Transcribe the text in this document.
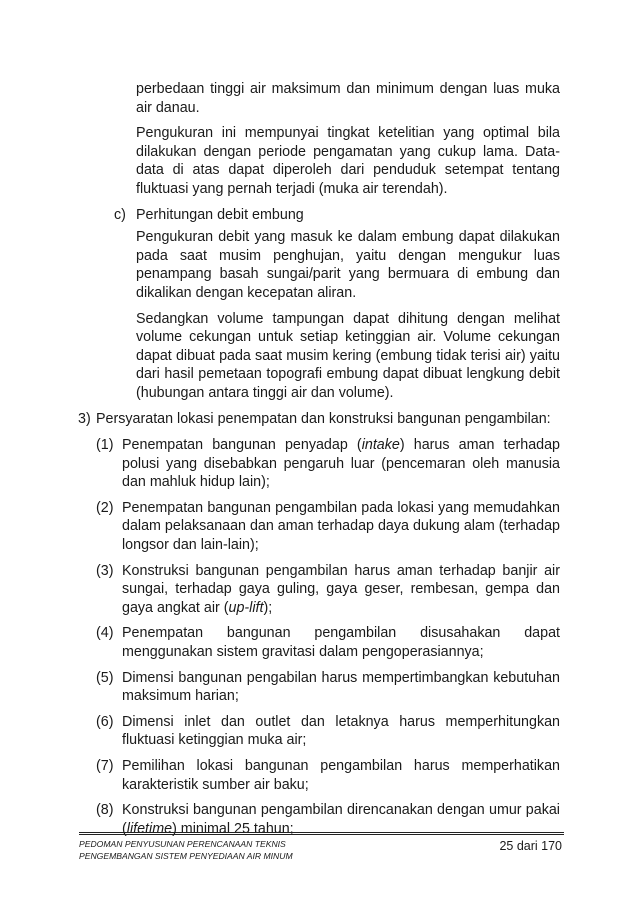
perbedaan tinggi air maksimum dan minimum dengan luas muka air danau.

Pengukuran ini mempunyai tingkat ketelitian yang optimal bila dilakukan dengan periode pengamatan yang cukup lama. Data-data di atas dapat diperoleh dari penduduk setempat tentang fluktuasi yang pernah terjadi (muka air terendah).

c) Perhitungan debit embung

Pengukuran debit yang masuk ke dalam embung dapat dilakukan pada saat musim penghujan, yaitu dengan mengukur luas penampang basah sungai/parit yang bermuara di embung dan dikalikan dengan kecepatan aliran.

Sedangkan volume tampungan dapat dihitung dengan melihat volume cekungan untuk setiap ketinggian air. Volume cekungan dapat dibuat pada saat musim kering (embung tidak terisi air) yaitu dari hasil pemetaan topografi embung dapat dibuat lengkung debit (hubungan antara tinggi air dan volume).

3) Persyaratan lokasi penempatan dan konstruksi bangunan pengambilan:
(1) Penempatan bangunan penyadap (intake) harus aman terhadap polusi yang disebabkan pengaruh luar (pencemaran oleh manusia dan mahluk hidup lain);
(2) Penempatan bangunan pengambilan pada lokasi yang memudahkan dalam pelaksanaan dan aman terhadap daya dukung alam (terhadap longsor dan lain-lain);
(3) Konstruksi bangunan pengambilan harus aman terhadap banjir air sungai, terhadap gaya guling, gaya geser, rembesan, gempa dan gaya angkat air (up-lift);
(4) Penempatan bangunan pengambilan disusahakan dapat menggunakan sistem gravitasi dalam pengoperasiannya;
(5) Dimensi bangunan pengabilan harus mempertimbangkan kebutuhan maksimum harian;
(6) Dimensi inlet dan outlet dan letaknya harus memperhitungkan fluktuasi ketinggian muka air;
(7) Pemilihan lokasi bangunan pengambilan harus memperhatikan karakteristik sumber air baku;
(8) Konstruksi bangunan pengambilan direncanakan dengan umur pakai (lifetime) minimal 25 tahun;
PEDOMAN PENYUSUNAN PERENCANAAN TEKNIS
PENGEMBANGAN SISTEM PENYEDIAAN AIR MINUM
25 dari 170
